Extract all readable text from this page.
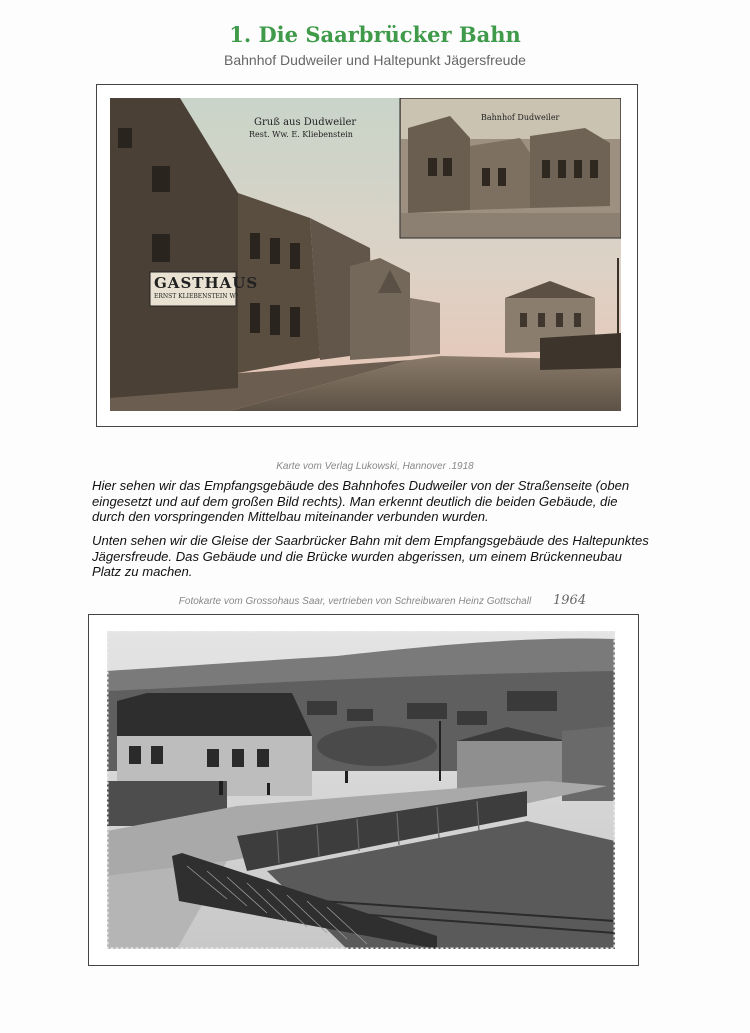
1. Die Saarbrücker Bahn
Bahnhof Dudweiler und Haltepunkt Jägersfreude
Gruß aus Dudweiler
Rest. Ww. E. Kliebenstein
Bahnhof Dudweiler
GASTHAUS
ERNST KLIEBENSTEIN Wᵉ
Karte vom Verlag Lukowski, Hannover .1918

Hier sehen wir das Empfangsgebäude des Bahnhofes Dudweiler von der Straßenseite (oben eingesetzt und auf dem großen Bild rechts). Man erkennt deutlich die beiden Gebäude, die durch den vorspringenden Mittelbau miteinander verbunden wurden.

Unten sehen wir die Gleise der Saarbrücker Bahn mit dem Empfangsgebäude des Haltepunktes Jägersfreude. Das Gebäude und die Brücke wurden abgerissen, um einem Brückenneubau Platz zu machen.

Fotokarte vom Grossohaus Saar, vertrieben von Schreibwaren Heinz Gottschall	1964
